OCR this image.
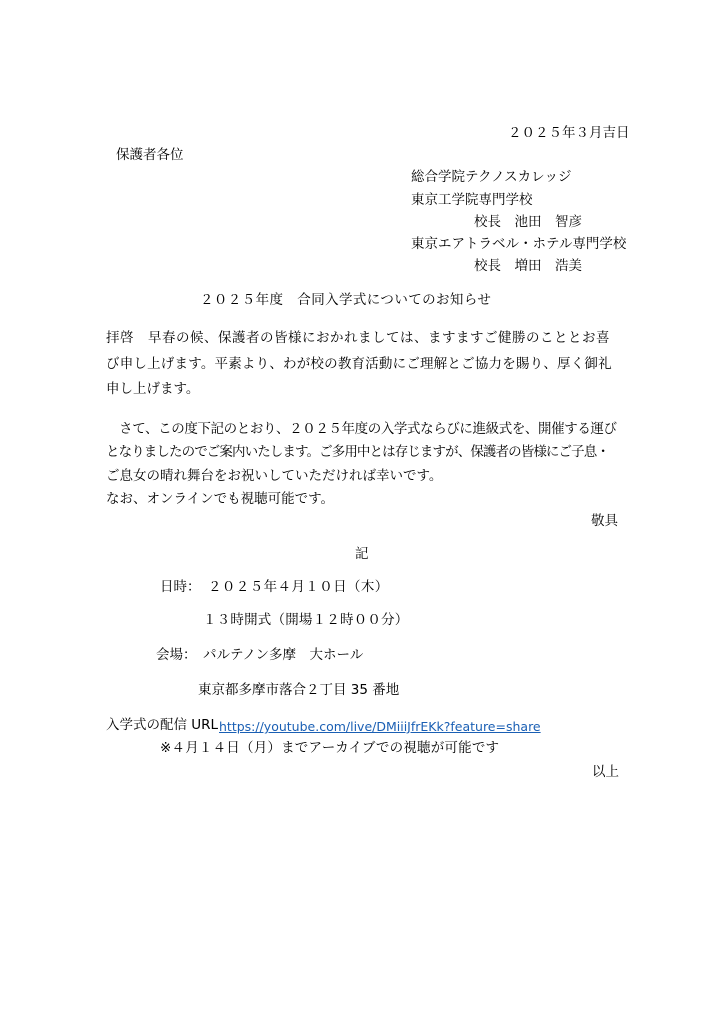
２０２５年３月吉日
保護者各位
総合学院テクノスカレッジ
東京工学院専門学校
校長　池田　智彦
東京エアトラベル・ホテル専門学校
校長　増田　浩美
２０２５年度　合同入学式についてのお知らせ
拝啓　早春の候、保護者の皆様におかれましては、ますますご健勝のこととお喜
び申し上げます。平素より、わが校の教育活動にご理解とご協力を賜り、厚く御礼
申し上げます。
　さて、この度下記のとおり、２０２５年度の入学式ならびに進級式を、開催する運び
となりましたのでご案内いたします。ご多用中とは存じますが、保護者の皆様にご子息・
ご息女の晴れ舞台をお祝いしていただければ幸いです。
なお、オンラインでも視聴可能です。
敬具
記
日時： ２０２５年４月１０日（木）
１３時開式（開場１２時００分）
会場： パルテノン多摩　大ホール
東京都多摩市落合２丁目 35 番地
入学式の配信 URL https://youtube.com/live/DMiiiJfrEKk?feature=share
※４月１４日（月）までアーカイブでの視聴が可能です
以上
